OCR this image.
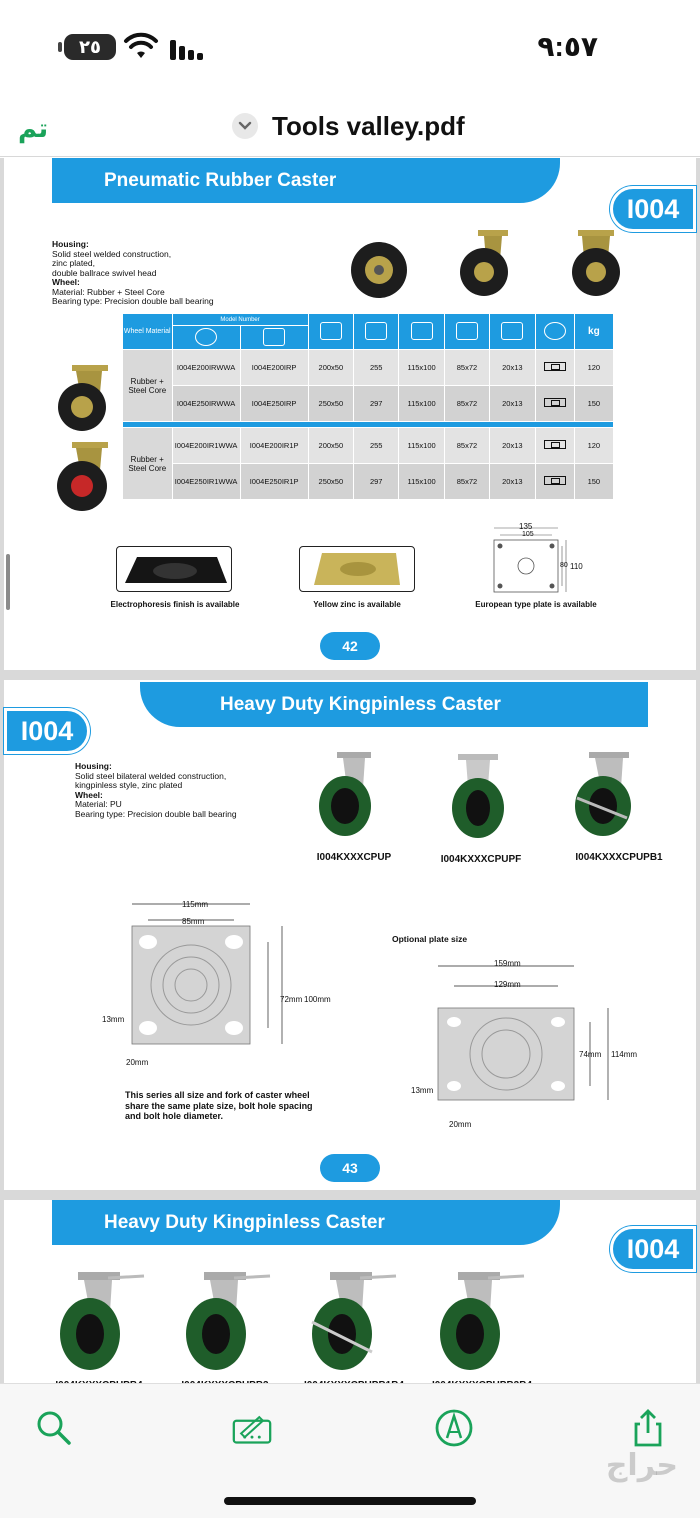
٢٥	٩:٥٧
تم	Tools valley.pdf
Pneumatic Rubber Caster
I004
Housing:
Solid steel welded construction,
zinc plated,
double ballrace swivel head
Wheel:
Material: Rubber + Steel Core
Bearing type: Precision double ball bearing
Wheel Material	Model Number								kg

Rubber + Steel Core	I004E200IRWWA	I004E200IRP	200x50	255	115x100	85x72	20x13		120
	I004E250IRWWA	I004E250IRP	250x50	297	115x100	85x72	20x13		150

Rubber + Steel Core	I004E200IR1WWA	I004E200IR1P	200x50	255	115x100	85x72	20x13		120
	I004E250IR1WWA	I004E250IR1P	250x50	297	115x100	85x72	20x13		150
Electrophoresis finish is available	Yellow zinc is available
135
105
80 110
European type plate is available
42
Heavy Duty Kingpinless Caster
I004
Housing:
Solid steel bilateral welded construction,
kingpinless style, zinc plated
Wheel:
Material: PU
Bearing type: Precision double ball bearing
I004KXXXCPUP	I004KXXXCPUPF	I004KXXXCPUPB1
115mm
85mm
72mm 100mm
13mm
20mm
This series all size and fork of caster wheel share the same plate size, bolt hole spacing and bolt hole diameter.
Optional plate size
159mm
129mm
74mm 114mm
13mm
20mm
43
Heavy Duty Kingpinless Caster
I004
حراج
